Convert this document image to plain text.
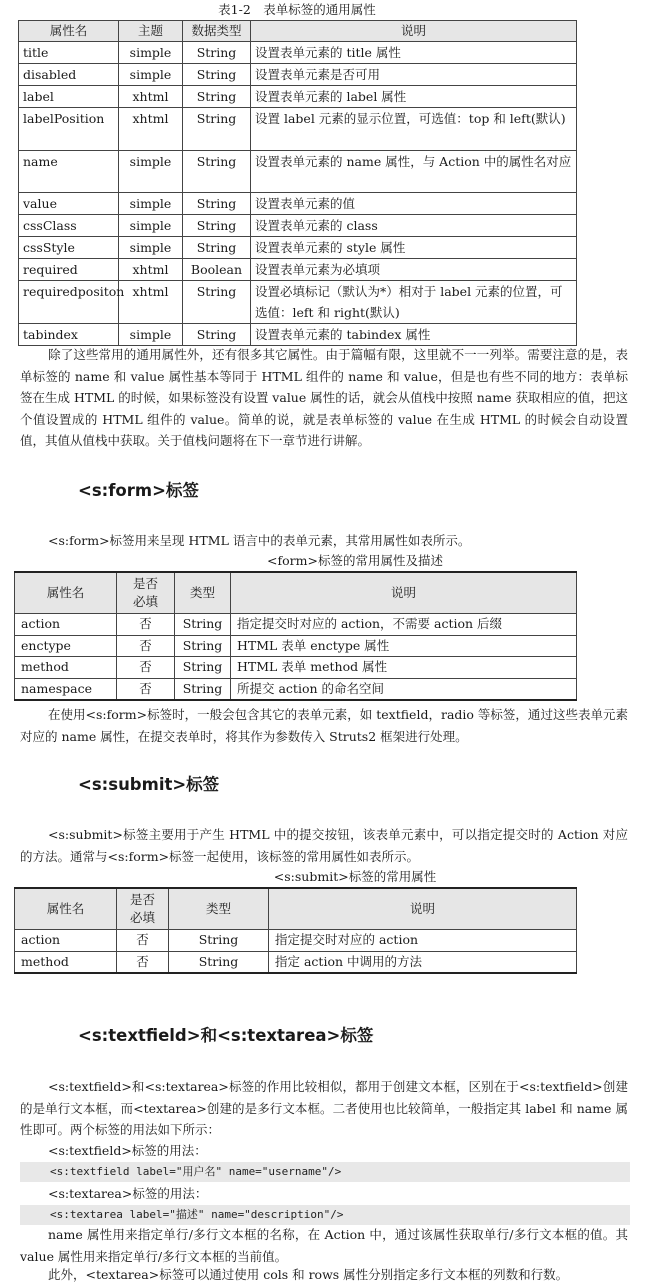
表1-2　表单标签的通用属性
属性名	主题	数据类型	说明
title	simple	String	设置表单元素的 title 属性
disabled	simple	String	设置表单元素是否可用
label	xhtml	String	设置表单元素的 label 属性
labelPosition	xhtml	String	设置 label 元素的显示位置，可选值：top 和 left(默认)
name	simple	String	设置表单元素的 name 属性，与 Action 中的属性名对应
value	simple	String	设置表单元素的值
cssClass	simple	String	设置表单元素的 class
cssStyle	simple	String	设置表单元素的 style 属性
required	xhtml	Boolean	设置表单元素为必填项
requiredpositon	xhtml	String	设置必填标记（默认为*）相对于 label 元素的位置，可选值：left 和 right(默认)
tabindex	simple	String	设置表单元素的 tabindex 属性
除了这些常用的通用属性外，还有很多其它属性。由于篇幅有限，这里就不一一列举。需要注意的是，表单标签的 name 和 value 属性基本等同于 HTML 组件的 name 和 value，但是也有些不同的地方：表单标签在生成 HTML 的时候，如果标签没有设置 value 属性的话，就会从值栈中按照 name 获取相应的值，把这个值设置成的 HTML 组件的 value。简单的说，就是表单标签的 value 在生成 HTML 的时候会自动设置值，其值从值栈中获取。关于值栈问题将在下一章节进行讲解。
<s:form>标签
<s:form>标签用来呈现 HTML 语言中的表单元素，其常用属性如表所示。
<form>标签的常用属性及描述
属性名	是否必填	类型	说明
action	否	String	指定提交时对应的 action，不需要 action 后缀
enctype	否	String	HTML 表单 enctype 属性
method	否	String	HTML 表单 method 属性
namespace	否	String	所提交 action 的命名空间
在使用<s:form>标签时，一般会包含其它的表单元素，如 textfield，radio 等标签，通过这些表单元素对应的 name 属性，在提交表单时，将其作为参数传入 Struts2 框架进行处理。
<s:submit>标签
<s:submit>标签主要用于产生 HTML 中的提交按钮，该表单元素中，可以指定提交时的 Action 对应的方法。通常与<s:form>标签一起使用，该标签的常用属性如表所示。
<s:submit>标签的常用属性
属性名	是否必填	类型	说明
action	否	String	指定提交时对应的 action
method	否	String	指定 action 中调用的方法
<s:textfield>和<s:textarea>标签
<s:textfield>和<s:textarea>标签的作用比较相似，都用于创建文本框，区别在于<s:textfield>创建的是单行文本框，而<textarea>创建的是多行文本框。二者使用也比较简单，一般指定其 label 和 name 属性即可。两个标签的用法如下所示：
<s:textfield>标签的用法：
<s:textfield label="用户名" name="username"/>
<s:textarea>标签的用法：
<s:textarea label="描述" name="description"/>
name 属性用来指定单行/多行文本框的名称，在 Action 中，通过该属性获取单行/多行文本框的值。其 value 属性用来指定单行/多行文本框的当前值。
此外，<textarea>标签可以通过使用 cols 和 rows 属性分别指定多行文本框的列数和行数。
